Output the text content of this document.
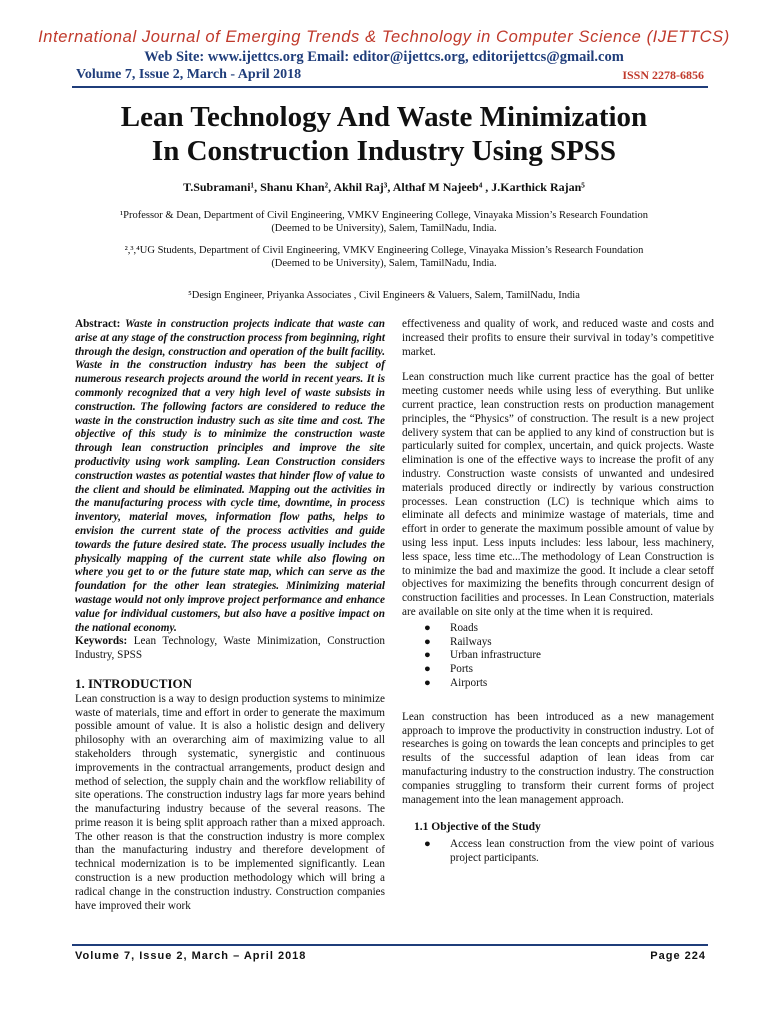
International Journal of Emerging Trends & Technology in Computer Science (IJETTCS)
Web Site: www.ijettcs.org Email: editor@ijettcs.org, editorijettcs@gmail.com
Volume 7, Issue 2, March - April 2018	ISSN 2278-6856
Lean Technology And Waste Minimization
In Construction Industry Using SPSS
T.Subramani¹, Shanu Khan², Akhil Raj³, Althaf M Najeeb⁴ , J.Karthick Rajan⁵
¹Professor & Dean, Department of Civil Engineering, VMKV Engineering College, Vinayaka Mission’s Research Foundation
(Deemed to be University), Salem, TamilNadu, India.
²,³,⁴UG Students, Department of Civil Engineering, VMKV Engineering College, Vinayaka Mission’s Research Foundation
(Deemed to be University), Salem, TamilNadu, India.
⁵Design Engineer, Priyanka Associates , Civil Engineers & Valuers, Salem, TamilNadu, India

Abstract: Waste in construction projects indicate that waste can arise at any stage of the construction process from beginning, right through the design, construction and operation of the built facility. Waste in the construction industry has been the subject of numerous research projects around the world in recent years. It is commonly recognized that a very high level of waste subsists in construction. The following factors are considered to reduce the waste in the construction industry such as site time and cost. The objective of this study is to minimize the construction waste through lean construction principles and improve the site productivity using work sampling. Lean Construction considers construction wastes as potential wastes that hinder flow of value to the client and should be eliminated. Mapping out the activities in the manufacturing process with cycle time, downtime, in process inventory, material moves, information flow paths, helps to envision the current state of the process activities and guide towards the future desired state. The process usually includes the physically mapping of the current state while also flowing on where you get to or the future state map, which can serve as the foundation for the other lean strategies. Minimizing material wastage would not only improve project performance and enhance value for individual customers, but also have a positive impact on the national economy.

Keywords: Lean Technology, Waste Minimization, Construction Industry, SPSS

1. INTRODUCTION

Lean construction is a way to design production systems to minimize waste of materials, time and effort in order to generate the maximum possible amount of value. It is also a holistic design and delivery philosophy with an overarching aim of maximizing value to all stakeholders through systematic, synergistic and continuous improvements in the contractual arrangements, product design and method of selection, the supply chain and the workflow reliability of site operations. The construction industry lags far more years behind the manufacturing industry because of the several reasons. The prime reason it is being split approach rather than a mixed approach. The other reason is that the construction industry is more complex than the manufacturing industry and therefore development of technical modernization is to be implemented significantly. Lean construction is a new production methodology which will bring a radical change in the construction industry. Construction companies have improved their work

effectiveness and quality of work, and reduced waste and costs and increased their profits to ensure their survival in today’s competitive market.

Lean construction much like current practice has the goal of better meeting customer needs while using less of everything. But unlike current practice, lean construction rests on production management principles, the “Physics” of construction. The result is a new project delivery system that can be applied to any kind of construction but is particularly suited for complex, uncertain, and quick projects. Waste elimination is one of the effective ways to increase the profit of any industry. Construction waste consists of unwanted and undesired materials produced directly or indirectly by various construction processes. Lean construction (LC) is technique which aims to eliminate all defects and minimize wastage of materials, time and effort in order to generate the maximum possible amount of value by using less input. Less inputs includes: less labour, less machinery, less space, less time etc...The methodology of Lean Construction is to minimize the bad and maximize the good. It include a clear setoff objectives for maximizing the benefits through concurrent design of construction facilities and processes. In Lean Construction, materials are available on site only at the time when it is required.

● Roads
● Railways
● Urban infrastructure
● Ports
● Airports

Lean construction has been introduced as a new management approach to improve the productivity in construction industry. Lot of researches is going on towards the lean concepts and principles to get results of the successful adaption of lean ideas from car manufacturing industry to the construction industry. The construction companies struggling to transform their current forms of project management into the lean management approach.

1.1 Objective of the Study
● Access lean construction from the view point of various project participants.
Volume 7, Issue 2, March – April 2018	Page 224
